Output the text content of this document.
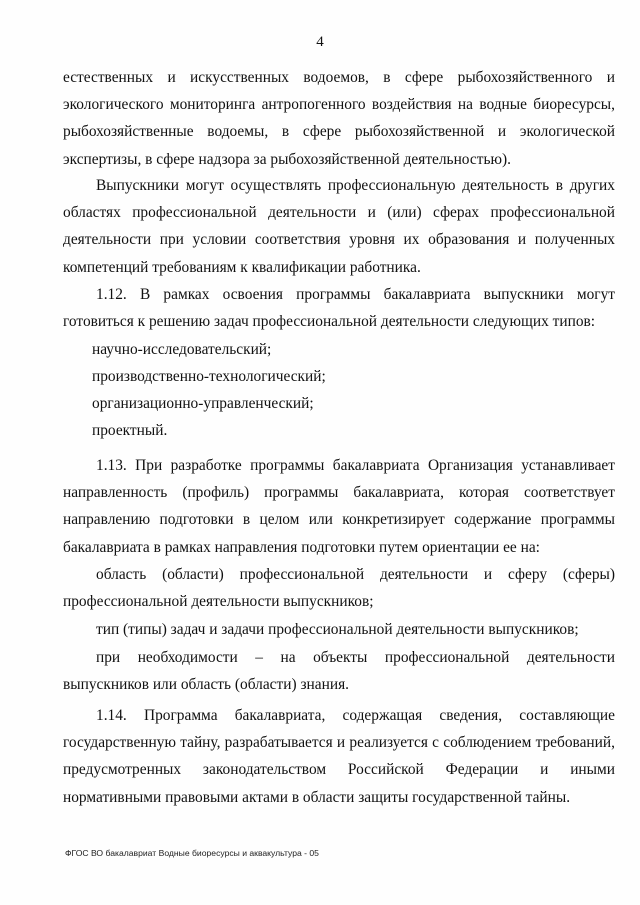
4

естественных и искусственных водоемов, в сфере рыбохозяйственного и экологического мониторинга антропогенного воздействия на водные биоресурсы, рыбохозяйственные водоемы, в сфере рыбохозяйственной и экологической экспертизы, в сфере надзора за рыбохозяйственной деятельностью).

Выпускники могут осуществлять профессиональную деятельность в других областях профессиональной деятельности и (или) сферах профессиональной деятельности при условии соответствия уровня их образования и полученных компетенций требованиям к квалификации работника.

1.12. В рамках освоения программы бакалавриата выпускники могут готовиться к решению задач профессиональной деятельности следующих типов:

научно-исследовательский;

производственно-технологический;

организационно-управленческий;

проектный.

1.13. При разработке программы бакалавриата Организация устанавливает направленность (профиль) программы бакалавриата, которая соответствует направлению подготовки в целом или конкретизирует содержание программы бакалавриата в рамках направления подготовки путем ориентации ее на:

область (области) профессиональной деятельности и сферу (сферы) профессиональной деятельности выпускников;

тип (типы) задач и задачи профессиональной деятельности выпускников;

при необходимости – на объекты профессиональной деятельности выпускников или область (области) знания.

1.14. Программа бакалавриата, содержащая сведения, составляющие государственную тайну, разрабатывается и реализуется с соблюдением требований, предусмотренных законодательством Российской Федерации и иными нормативными правовыми актами в области защиты государственной тайны.

ФГОС ВО бакалавриат Водные биоресурсы и аквакультура - 05
